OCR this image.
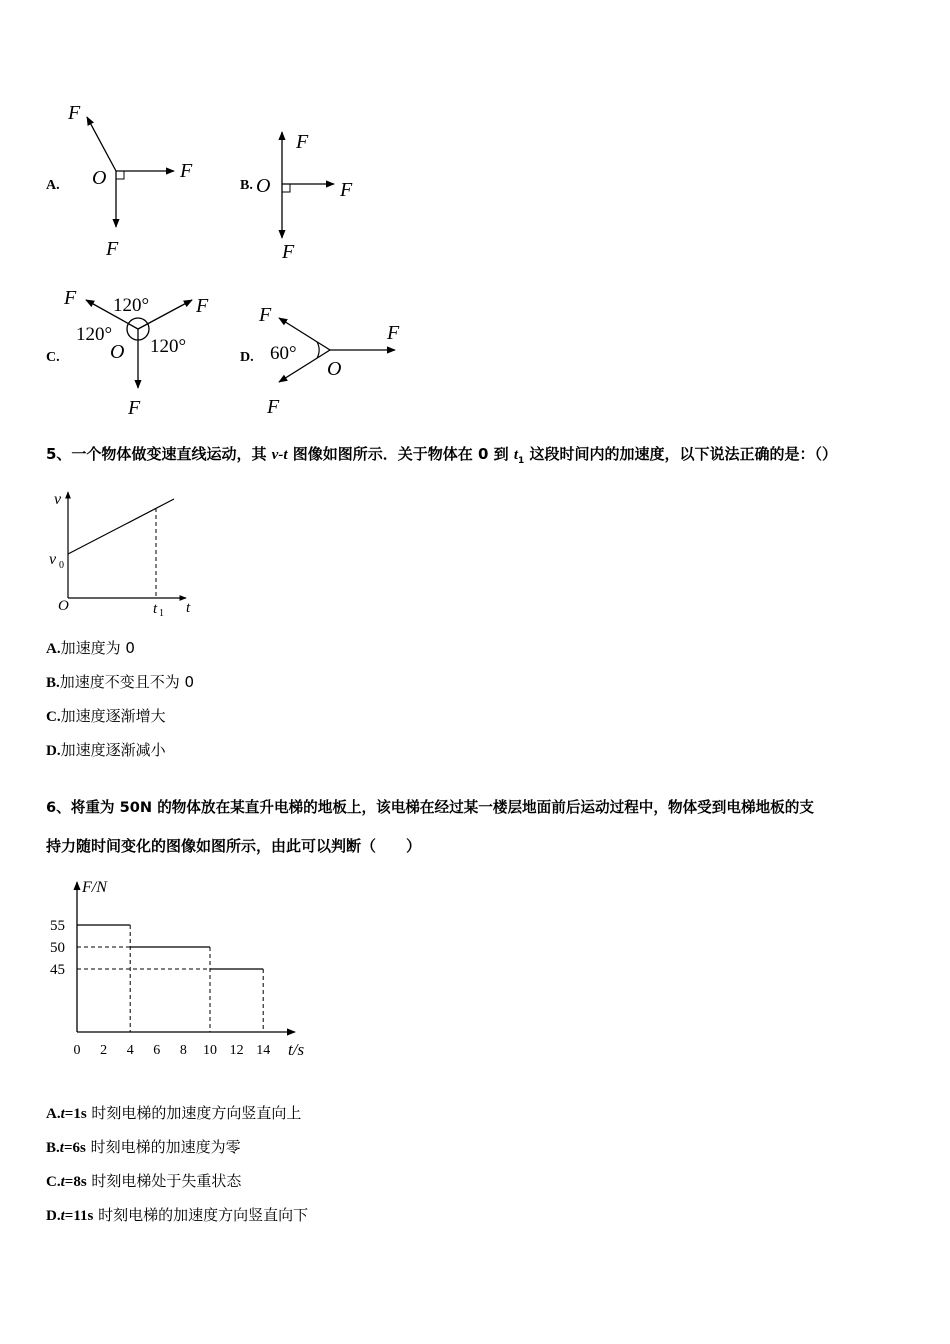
A.
F
F
F
O	B.
F
F
F
O
C.
F	F
F
O
120°
120°
120°
D.
F
F
F
O
60°
5、一个物体做变速直线运动，其 v-t 图像如图所示．关于物体在 0 到 $t_1$ 这段时间内的加速度，以下说法正确的是：（）
v
v 0
O	t 1 t
A.加速度为 0
B.加速度不变且不为 0
C.加速度逐渐增大
D.加速度逐渐减小
6、将重为 50N 的物体放在某直升电梯的地板上，该电梯在经过某一楼层地面前后运动过程中，物体受到电梯地板的支
持力随时间变化的图像如图所示，由此可以判断（　　）
F/N
t/s
55
50
45
0 2 4 6 8 10 12 14
A.t=1s 时刻电梯的加速度方向竖直向上
B.t=6s 时刻电梯的加速度为零
C.t=8s 时刻电梯处于失重状态
D.t=11s 时刻电梯的加速度方向竖直向下
